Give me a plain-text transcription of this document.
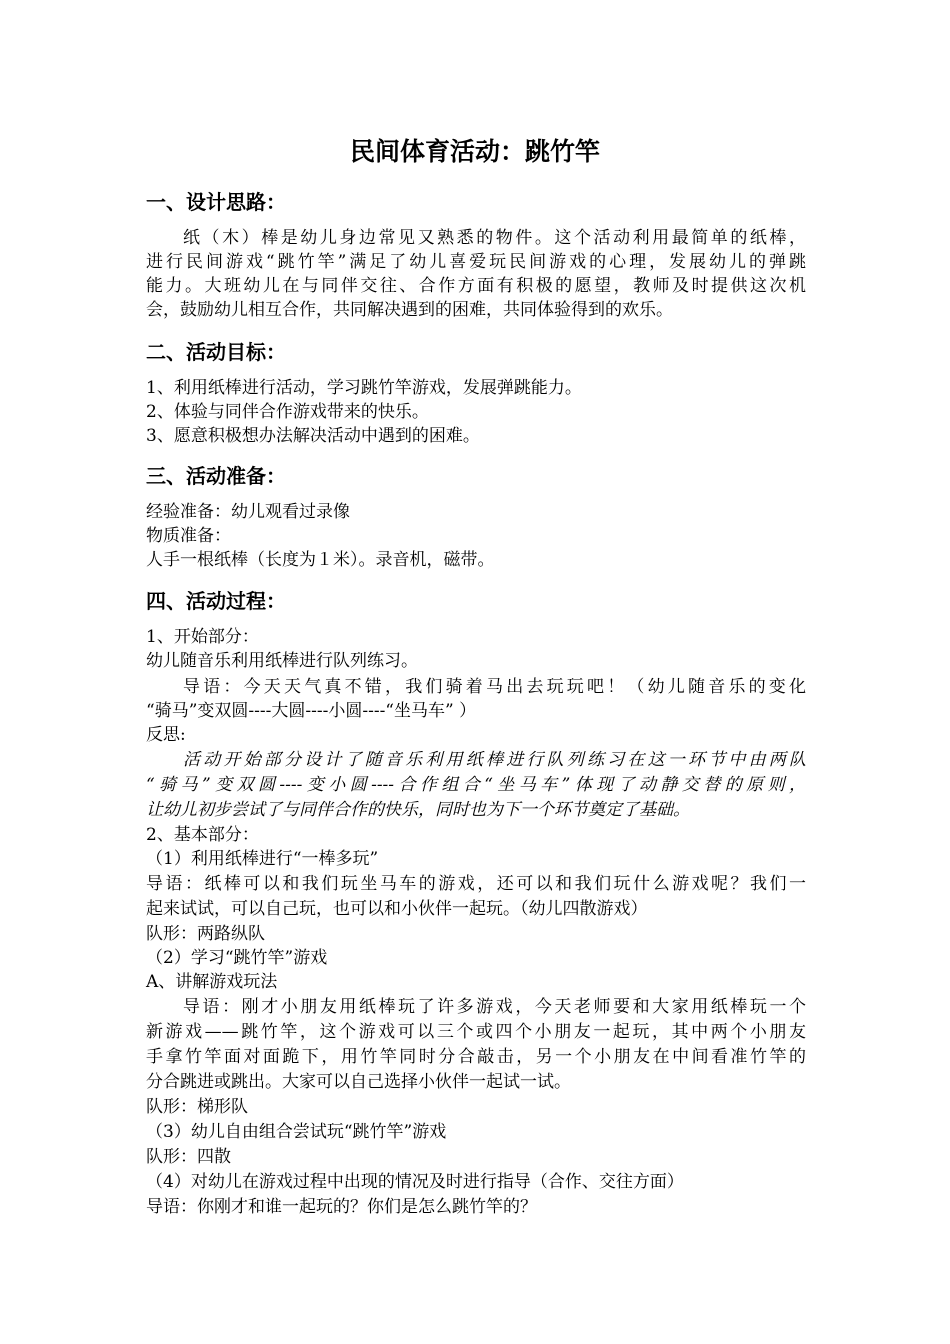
民间体育活动：跳竹竿
一、设计思路：
纸（木）棒是幼儿身边常见又熟悉的物件。这个活动利用最简单的纸棒，
进行民间游戏“跳竹竿”满足了幼儿喜爱玩民间游戏的心理，发展幼儿的弹跳
能力。大班幼儿在与同伴交往、合作方面有积极的愿望，教师及时提供这次机
会，鼓励幼儿相互合作，共同解决遇到的困难，共同体验得到的欢乐。
二、活动目标：
1、利用纸棒进行活动，学习跳竹竿游戏，发展弹跳能力。
2、体验与同伴合作游戏带来的快乐。
3、愿意积极想办法解决活动中遇到的困难。
三、活动准备：
经验准备：幼儿观看过录像
物质准备：
人手一根纸棒（长度为１米）。录音机，磁带。
四、活动过程：
1、开始部分：
幼儿随音乐利用纸棒进行队列练习。
导语：今天天气真不错，我们骑着马出去玩玩吧！（幼儿随音乐的变化
“骑马”变双圆----大圆----小圆----“坐马车” ）
反思:
活动开始部分设计了随音乐利用纸棒进行队列练习在这一环节中由两队
“骑马”变双圆----变小圆----合作组合“坐马车”体现了动静交替的原则，
让幼儿初步尝试了与同伴合作的快乐，同时也为下一个环节奠定了基础。
2、基本部分：
（1）利用纸棒进行“一棒多玩”
导语：纸棒可以和我们玩坐马车的游戏，还可以和我们玩什么游戏呢？我们一
起来试试，可以自己玩，也可以和小伙伴一起玩。（幼儿四散游戏）
队形：两路纵队
（2）学习“跳竹竿”游戏
A、讲解游戏玩法
导语：刚才小朋友用纸棒玩了许多游戏，今天老师要和大家用纸棒玩一个
新游戏——跳竹竿，这个游戏可以三个或四个小朋友一起玩，其中两个小朋友
手拿竹竿面对面跪下，用竹竿同时分合敲击，另一个小朋友在中间看准竹竿的
分合跳进或跳出。大家可以自己选择小伙伴一起试一试。
队形：梯形队
（3）幼儿自由组合尝试玩“跳竹竿”游戏
队形：四散
（4）对幼儿在游戏过程中出现的情况及时进行指导（合作、交往方面）
导语：你刚才和谁一起玩的？你们是怎么跳竹竿的？
